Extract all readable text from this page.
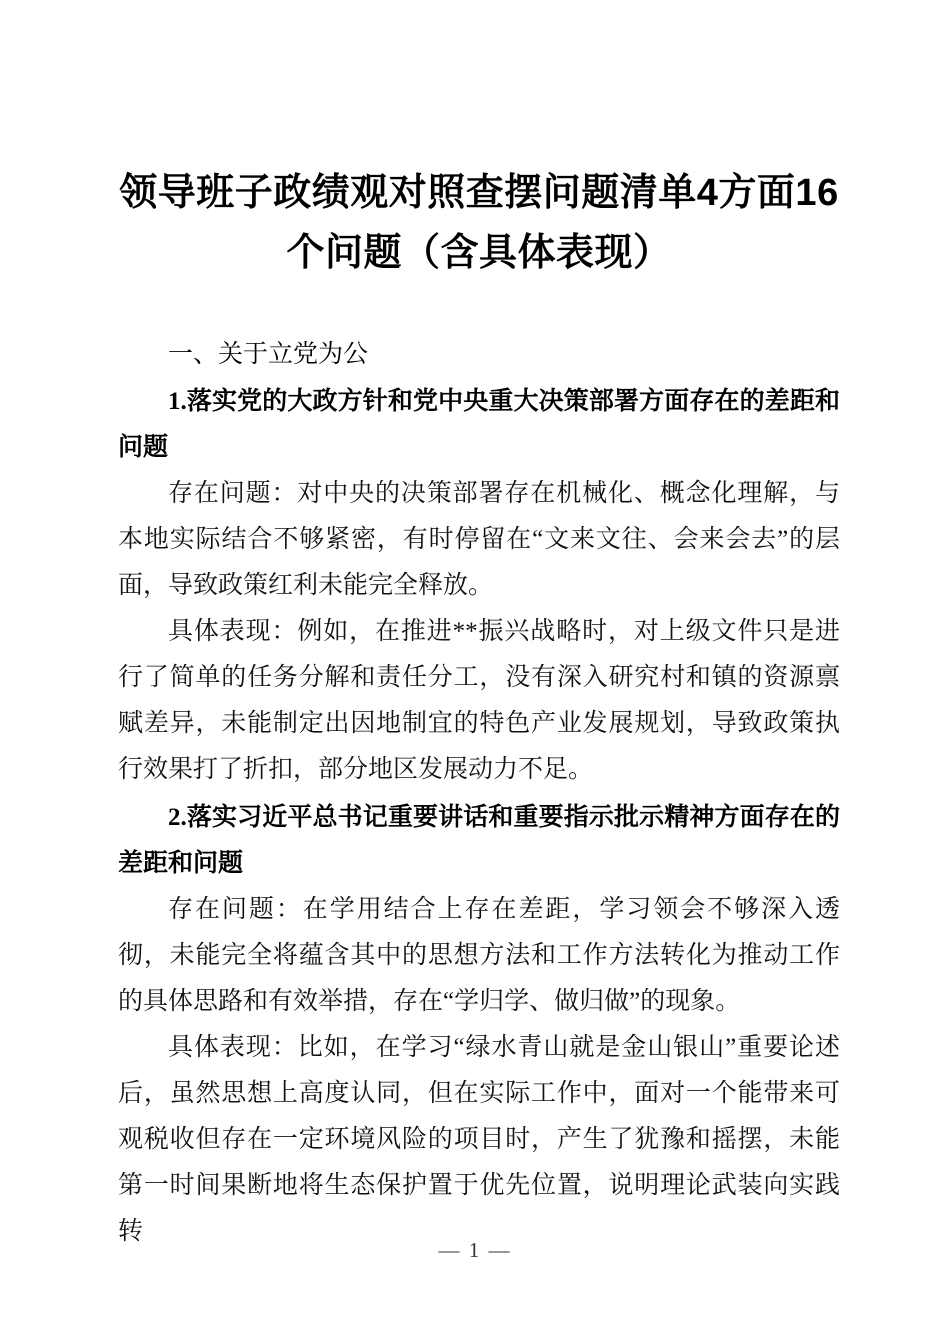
领导班子政绩观对照查摆问题清单4方面16个问题（含具体表现）

一、关于立党为公

1.落实党的大政方针和党中央重大决策部署方面存在的差距和问题

存在问题：对中央的决策部署存在机械化、概念化理解，与本地实际结合不够紧密，有时停留在“文来文往、会来会去”的层面，导致政策红利未能完全释放。

具体表现：例如，在推进**振兴战略时，对上级文件只是进行了简单的任务分解和责任分工，没有深入研究村和镇的资源禀赋差异，未能制定出因地制宜的特色产业发展规划，导致政策执行效果打了折扣，部分地区发展动力不足。

2.落实习近平总书记重要讲话和重要指示批示精神方面存在的差距和问题

存在问题：在学用结合上存在差距，学习领会不够深入透彻，未能完全将蕴含其中的思想方法和工作方法转化为推动工作的具体思路和有效举措，存在“学归学、做归做”的现象。

具体表现：比如，在学习“绿水青山就是金山银山”重要论述后，虽然思想上高度认同，但在实际工作中，面对一个能带来可观税收但存在一定环境风险的项目时，产生了犹豫和摇摆，未能第一时间果断地将生态保护置于优先位置，说明理论武装向实践转

— 1 —
